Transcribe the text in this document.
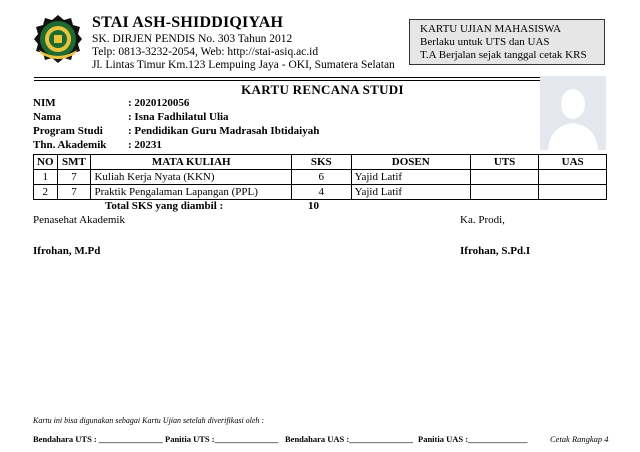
STAI ASH-SHIDDIQIYAH
SK. DIRJEN PENDIS No. 303 Tahun 2012
Telp: 0813-3232-2054, Web: http://stai-asiq.ac.id
Jl. Lintas Timur Km.123 Lempuing Jaya - OKI, Sumatera Selatan
KARTU UJIAN MAHASISWA
Berlaku untuk UTS dan UAS
T.A Berjalan sejak tanggal cetak KRS
KARTU RENCANA STUDI
NIM	: 2020120056
Nama	: Isna Fadhilatul Ulia
Program Studi : Pendidikan Guru Madrasah Ibtidaiyah
Thn. Akademik : 20231
NO	SMT	MATA KULIAH	SKS	DOSEN	UTS	UAS
1	7	Kuliah Kerja Nyata (KKN)	6	Yajid Latif		
2	7	Praktik Pengalaman Lapangan (PPL)	4	Yajid Latif		
Total SKS yang diambil :	10
Penasehat Akademik
Ifrohan, M.Pd
Ka. Prodi,
Ifrohan, S.Pd.I
Kartu ini bisa digunakan sebagai Kartu Ujian setelah diverifikasi oleh :
Bendahara UTS : _______________ Panitia UTS :_______________ Bendahara UAS :_______________ Panitia UAS :______________	Cetak Rangkap 4
